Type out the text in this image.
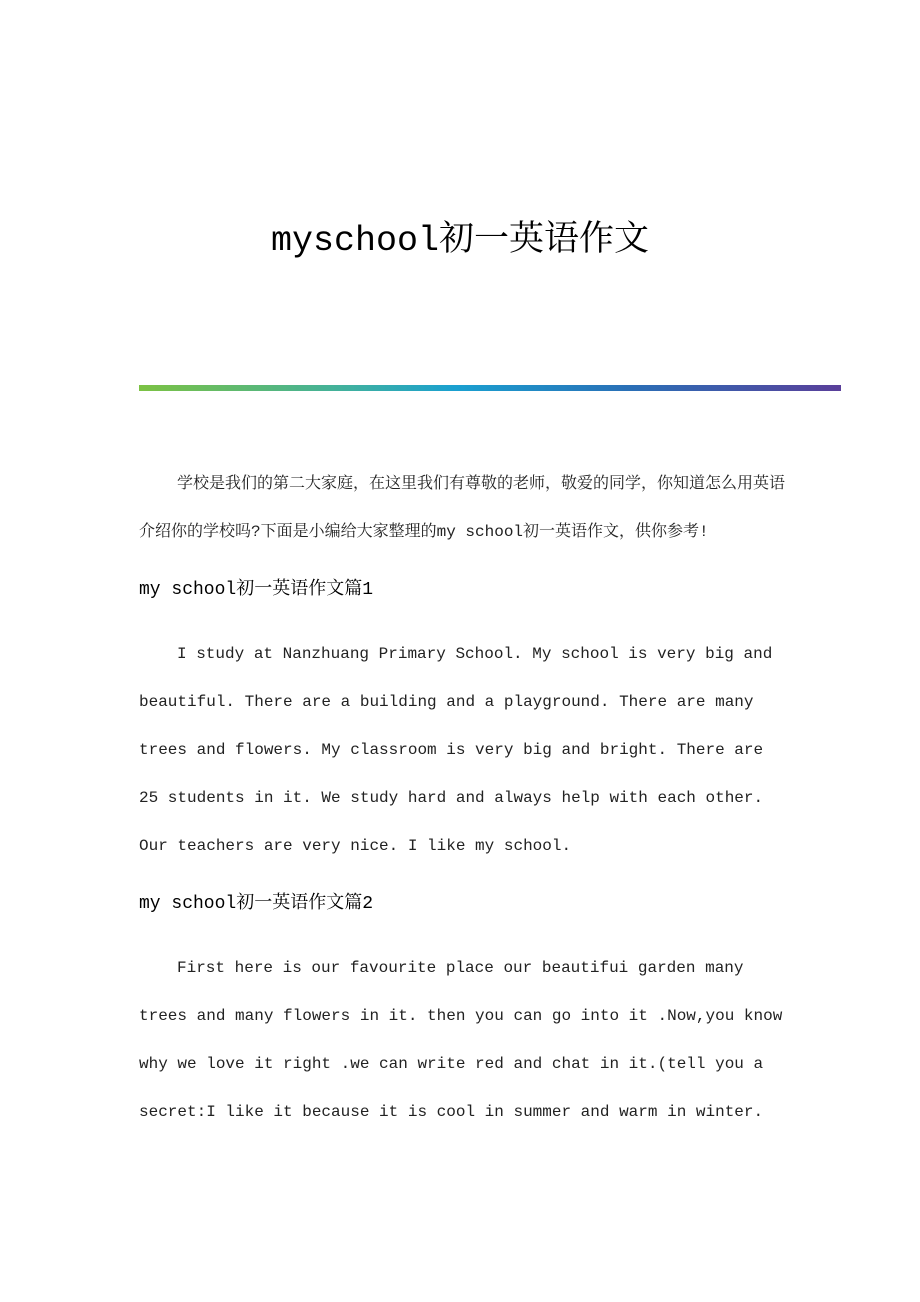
myschool初一英语作文

学校是我们的第二大家庭，在这里我们有尊敬的老师，敬爱的同学，你知道怎么用英语介绍你的学校吗?下面是小编给大家整理的my school初一英语作文，供你参考!

my school初一英语作文篇1

I study at Nanzhuang Primary School. My school is very big and beautiful. There are a building and a playground. There are many trees and flowers. My classroom is very big and bright. There are 25 students in it. We study hard and always help with each other. Our teachers are very nice. I like my school.

my school初一英语作文篇2

First here is our favourite place our beautifui garden many trees and many flowers in it. then you can go into it .Now,you know why we love it right .we can write red and chat in it.(tell you a secret:I like it because it is cool in summer and warm in winter.
